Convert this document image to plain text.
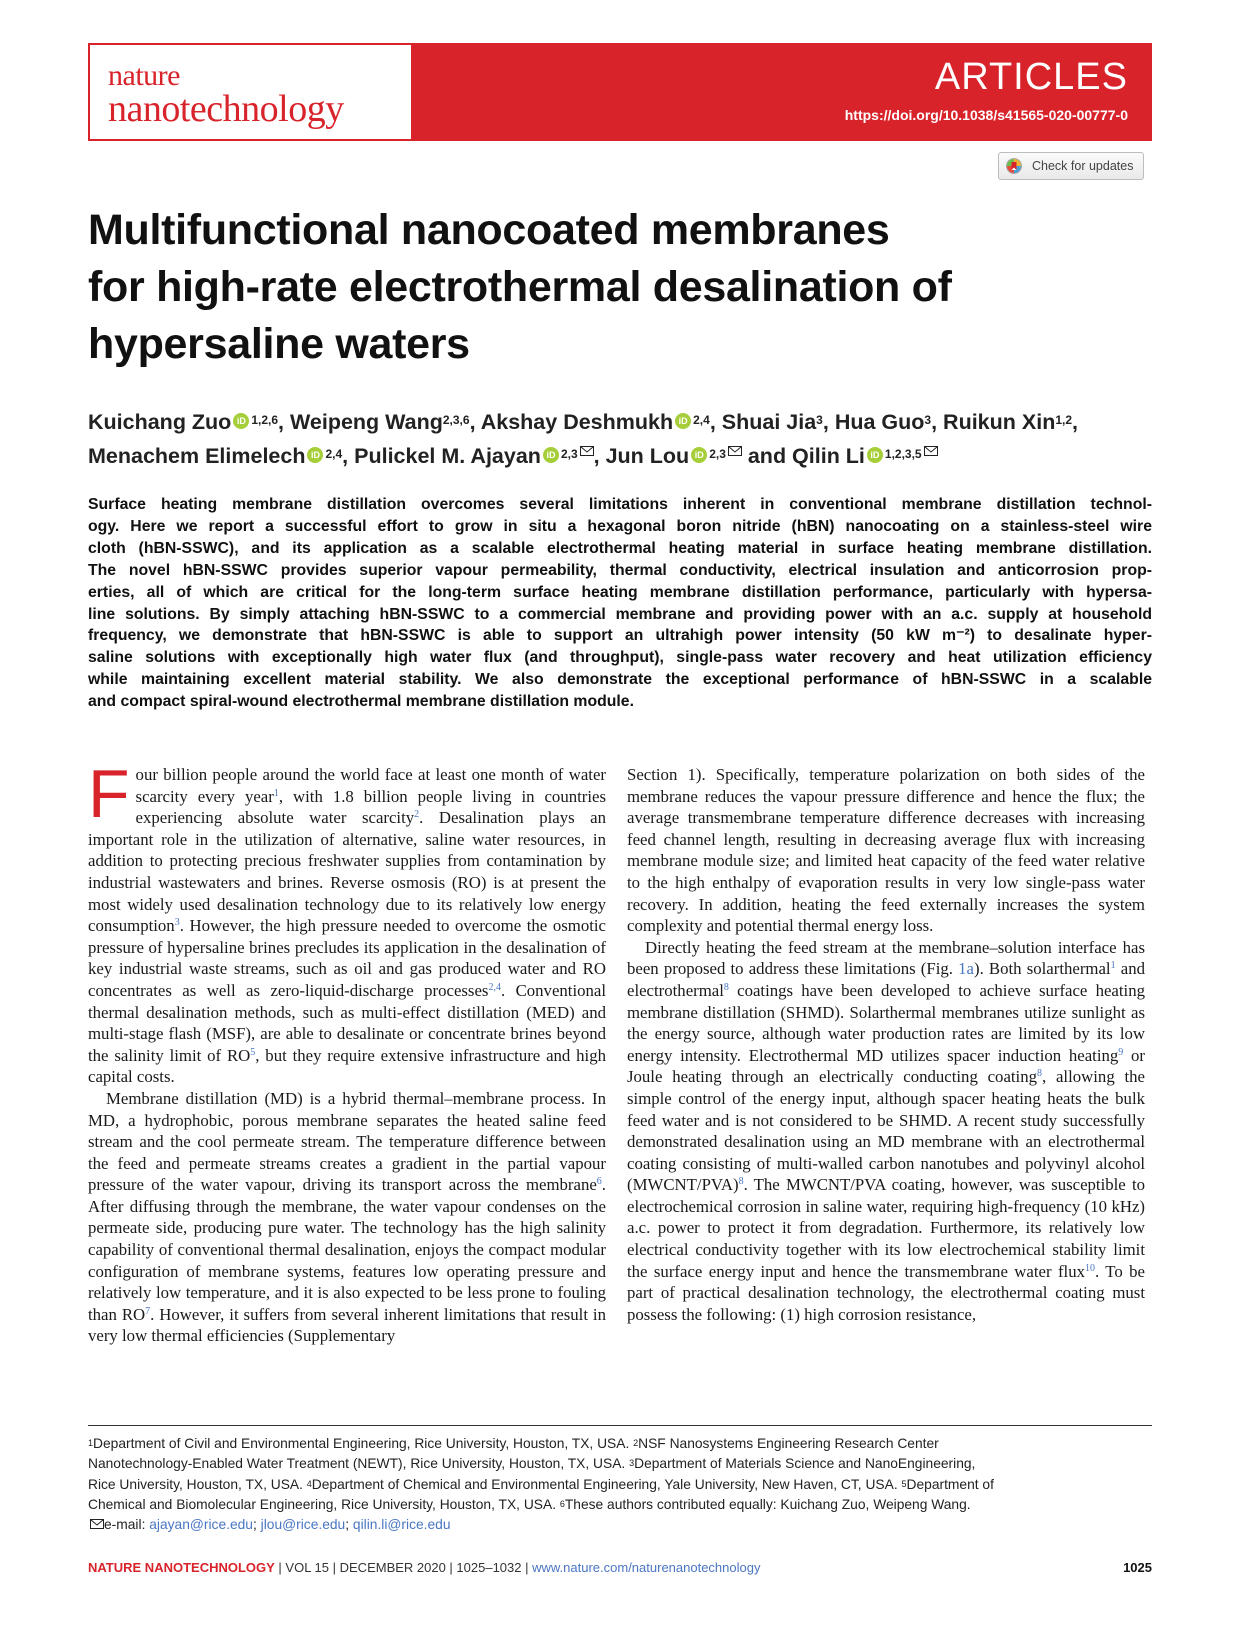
nature
nanotechnology
ARTICLES
https://doi.org/10.1038/s41565-020-00777-0
Check for updates
Multifunctional nanocoated membranes
for high-rate electrothermal desalination of
hypersaline waters
Kuichang Zuo iD $^{1,2,6}$, Weipeng Wang$^{2,3,6}$, Akshay Deshmukh iD $^{2,4}$, Shuai Jia$^3$, Hua Guo$^3$, Ruikun Xin$^{1,2}$,
Menachem Elimelech iD $^{2,4}$, Pulickel M. Ajayan iD $^{2,3}$ , Jun Lou iD $^{2,3}$ and Qilin Li iD $^{1,2,3,5}$
Surface heating membrane distillation overcomes several limitations inherent in conventional membrane distillation technol-
ogy. Here we report a successful effort to grow in situ a hexagonal boron nitride (hBN) nanocoating on a stainless-steel wire
cloth (hBN-SSWC), and its application as a scalable electrothermal heating material in surface heating membrane distillation.
The novel hBN-SSWC provides superior vapour permeability, thermal conductivity, electrical insulation and anticorrosion prop-
erties, all of which are critical for the long-term surface heating membrane distillation performance, particularly with hypersa-
line solutions. By simply attaching hBN-SSWC to a commercial membrane and providing power with an a.c. supply at household
frequency, we demonstrate that hBN-SSWC is able to support an ultrahigh power intensity (50 kW m⁻²) to desalinate hyper-
saline solutions with exceptionally high water flux (and throughput), single-pass water recovery and heat utilization efficiency
while maintaining excellent material stability. We also demonstrate the exceptional performance of hBN-SSWC in a scalable
and compact spiral-wound electrothermal membrane distillation module.

Four billion people around the world face at least one month of water scarcity every year$^1$, with 1.8 billion people living in countries experiencing absolute water scarcity$^2$. Desalination plays an important role in the utilization of alternative, saline water resources, in addition to protecting precious freshwater supplies from contamination by industrial wastewaters and brines. Reverse osmosis (RO) is at present the most widely used desalination technology due to its relatively low energy consumption$^3$. However, the high pressure needed to overcome the osmotic pressure of hypersaline brines precludes its application in the desalination of key industrial waste streams, such as oil and gas produced water and RO concentrates as well as zero-liquid-discharge processes$^{2,4}$. Conventional thermal desalination methods, such as multi-effect distillation (MED) and multi-stage flash (MSF), are able to desalinate or concentrate brines beyond the salinity limit of RO$^5$, but they require extensive infrastructure and high capital costs.

Membrane distillation (MD) is a hybrid thermal–membrane process. In MD, a hydrophobic, porous membrane separates the heated saline feed stream and the cool permeate stream. The temperature difference between the feed and permeate streams creates a gradient in the partial vapour pressure of the water vapour, driving its transport across the membrane$^6$. After diffusing through the membrane, the water vapour condenses on the permeate side, producing pure water. The technology has the high salinity capability of conventional thermal desalination, enjoys the compact modular configuration of membrane systems, features low operating pressure and relatively low temperature, and it is also expected to be less prone to fouling than RO$^7$. However, it suffers from several inherent limitations that result in very low thermal efficiencies (Supplementary

Section 1). Specifically, temperature polarization on both sides of the membrane reduces the vapour pressure difference and hence the flux; the average transmembrane temperature difference decreases with increasing feed channel length, resulting in decreasing average flux with increasing membrane module size; and limited heat capacity of the feed water relative to the high enthalpy of evaporation results in very low single-pass water recovery. In addition, heating the feed externally increases the system complexity and potential thermal energy loss.

Directly heating the feed stream at the membrane–solution interface has been proposed to address these limitations (Fig. 1a). Both solarthermal$^1$ and electrothermal$^8$ coatings have been developed to achieve surface heating membrane distillation (SHMD). Solarthermal membranes utilize sunlight as the energy source, although water production rates are limited by its low energy intensity. Electrothermal MD utilizes spacer induction heating$^9$ or Joule heating through an electrically conducting coating$^8$, allowing the simple control of the energy input, although spacer heating heats the bulk feed water and is not considered to be SHMD. A recent study successfully demonstrated desalination using an MD membrane with an electrothermal coating consisting of multi-walled carbon nanotubes and polyvinyl alcohol (MWCNT/PVA)$^8$. The MWCNT/PVA coating, however, was susceptible to electrochemical corrosion in saline water, requiring high-frequency (10 kHz) a.c. power to protect it from degradation. Furthermore, its relatively low electrical conductivity together with its low electrochemical stability limit the surface energy input and hence the transmembrane water flux$^{10}$. To be part of practical desalination technology, the electrothermal coating must possess the following: (1) high corrosion resistance,

$^1$Department of Civil and Environmental Engineering, Rice University, Houston, TX, USA. $^2$NSF Nanosystems Engineering Research Center
Nanotechnology-Enabled Water Treatment (NEWT), Rice University, Houston, TX, USA. $^3$Department of Materials Science and NanoEngineering,
Rice University, Houston, TX, USA. $^4$Department of Chemical and Environmental Engineering, Yale University, New Haven, CT, USA. $^5$Department of
Chemical and Biomolecular Engineering, Rice University, Houston, TX, USA. $^6$These authors contributed equally: Kuichang Zuo, Weipeng Wang.
e-mail: ajayan@rice.edu; jlou@rice.edu; qilin.li@rice.edu
NATURE NANOTECHNOLOGY | VOL 15 | DECEMBER 2020 | 1025–1032 | www.nature.com/naturenanotechnology	1025
